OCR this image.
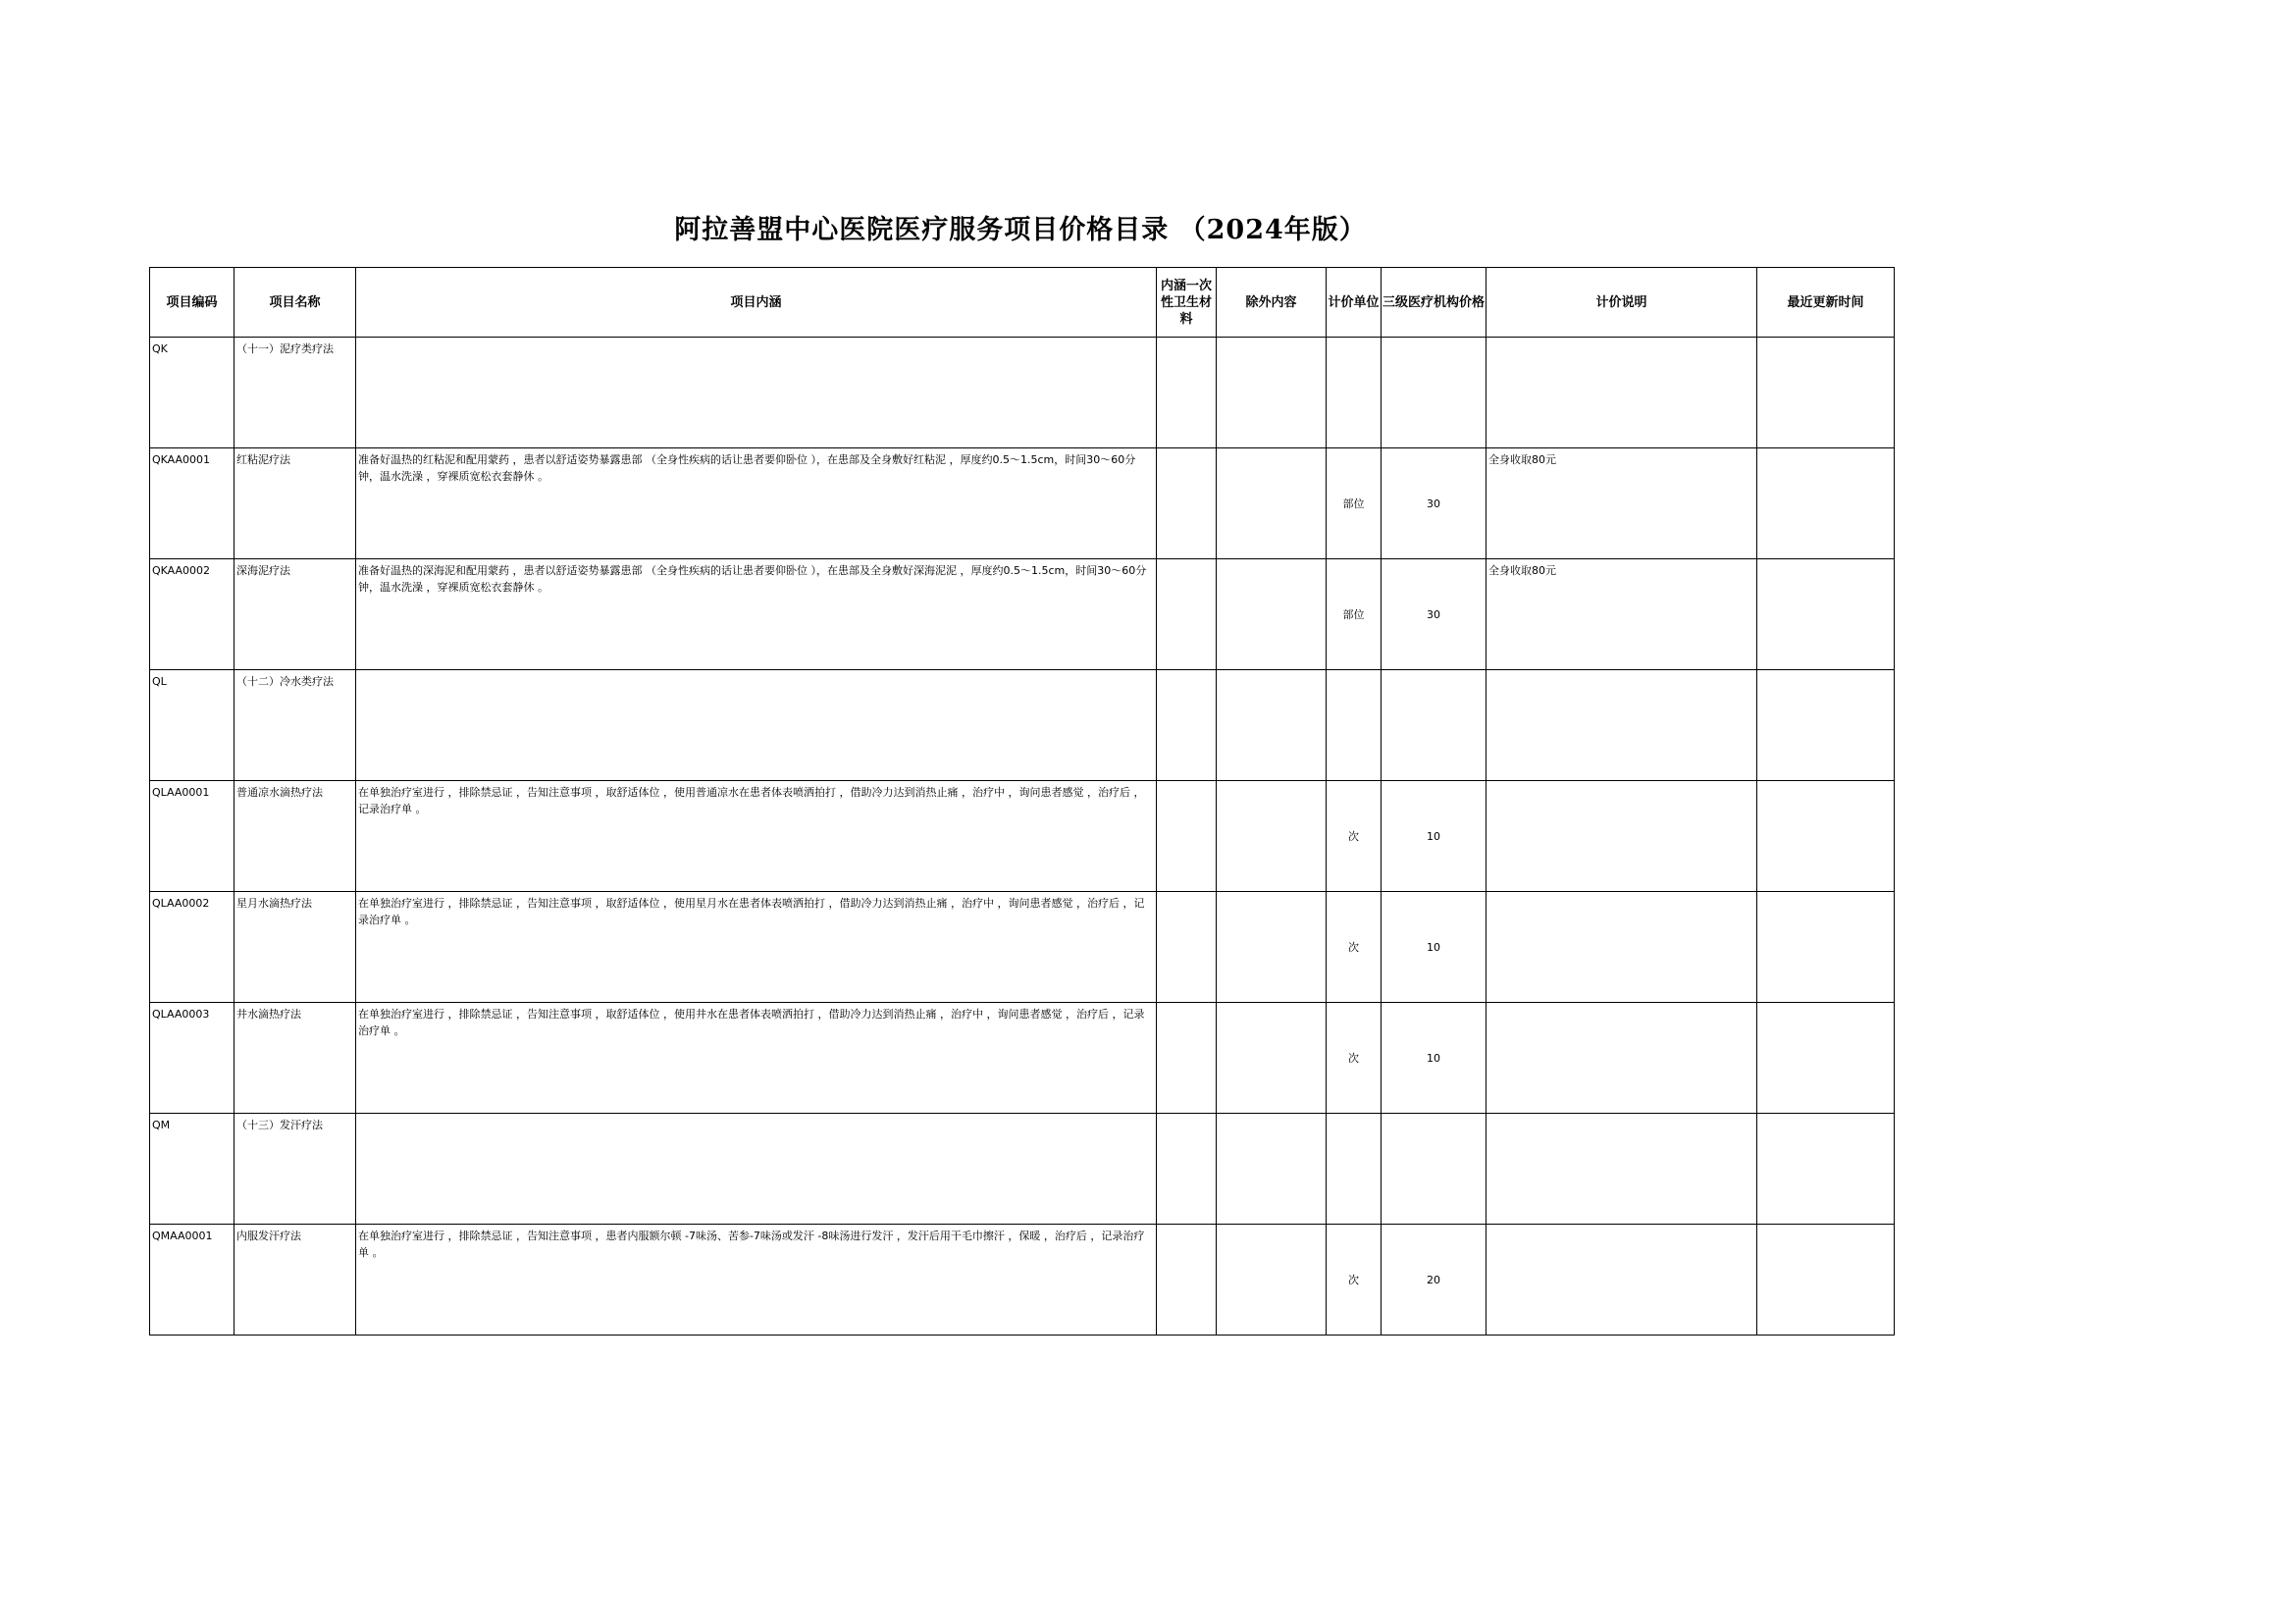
阿拉善盟中心医院医疗服务项目价格目录 （2024年版）
项目编码	项目名称	项目内涵	内涵一次性卫生材料	除外内容	计价单位	三级医疗机构价格	计价说明	最近更新时间
QK	（十一）泥疗类疗法							
QKAA0001	红粘泥疗法	准备好温热的红粘泥和配用蒙药 ，患者以舒适姿势暴露患部 （全身性疾病的话让患者要仰卧位 ），在患部及全身敷好红粘泥 ，厚度约0.5～1.5cm，时间30～60分钟，温水洗澡 ，穿裸质宽松衣套静休 。			部位	30	全身收取80元	
QKAA0002	深海泥疗法	准备好温热的深海泥和配用蒙药 ，患者以舒适姿势暴露患部 （全身性疾病的话让患者要仰卧位 ），在患部及全身敷好深海泥泥 ，厚度约0.5～1.5cm，时间30～60分钟，温水洗澡 ，穿裸质宽松衣套静休 。			部位	30	全身收取80元	
QL	（十二）冷水类疗法							
QLAA0001	普通凉水滴热疗法	在单独治疗室进行 ，排除禁忌证 ，告知注意事项 ，取舒适体位 ，使用普通凉水在患者体表喷洒拍打 ，借助冷力达到消热止痛 ，治疗中 ，询问患者感觉 ，治疗后 ，记录治疗单 。			次	10		
QLAA0002	星月水滴热疗法	在单独治疗室进行 ，排除禁忌证 ，告知注意事项 ，取舒适体位 ，使用星月水在患者体表喷洒拍打 ，借助冷力达到消热止痛 ，治疗中 ，询问患者感觉 ，治疗后 ，记录治疗单 。			次	10		
QLAA0003	井水滴热疗法	在单独治疗室进行 ，排除禁忌证 ，告知注意事项 ，取舒适体位 ，使用井水在患者体表喷洒拍打 ，借助冷力达到消热止痛 ，治疗中 ，询问患者感觉 ，治疗后 ，记录治疗单 。			次	10		
QM	（十三）发汗疗法							
QMAA0001	内服发汗疗法	在单独治疗室进行 ，排除禁忌证 ，告知注意事项 ，患者内服额尔顿 -7味汤、苦参-7味汤或发汗 -8味汤进行发汗 ，发汗后用干毛巾擦汗 ，保暖 ，治疗后 ，记录治疗单 。			次	20		
